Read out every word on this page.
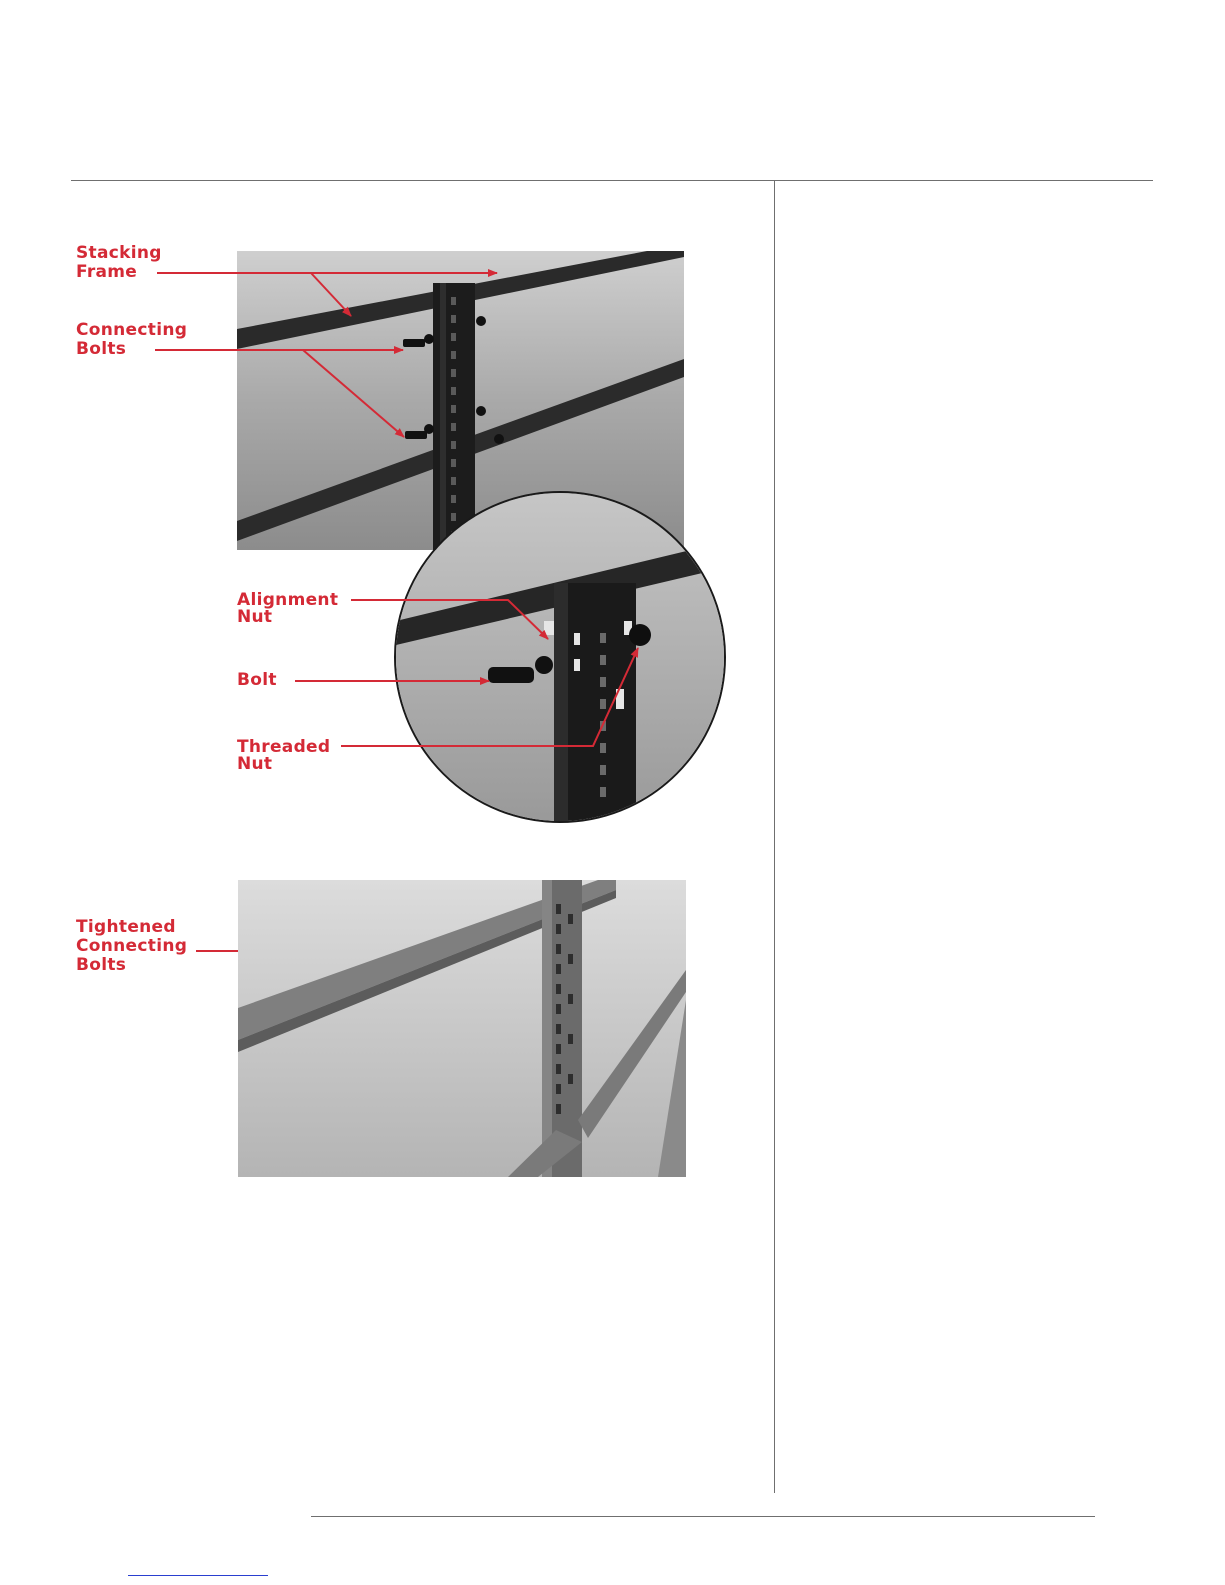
Stacking
Frame
Connecting
Bolts
Alignment
Nut
Bolt
Threaded
Nut
Tightened
Connecting
Bolts
